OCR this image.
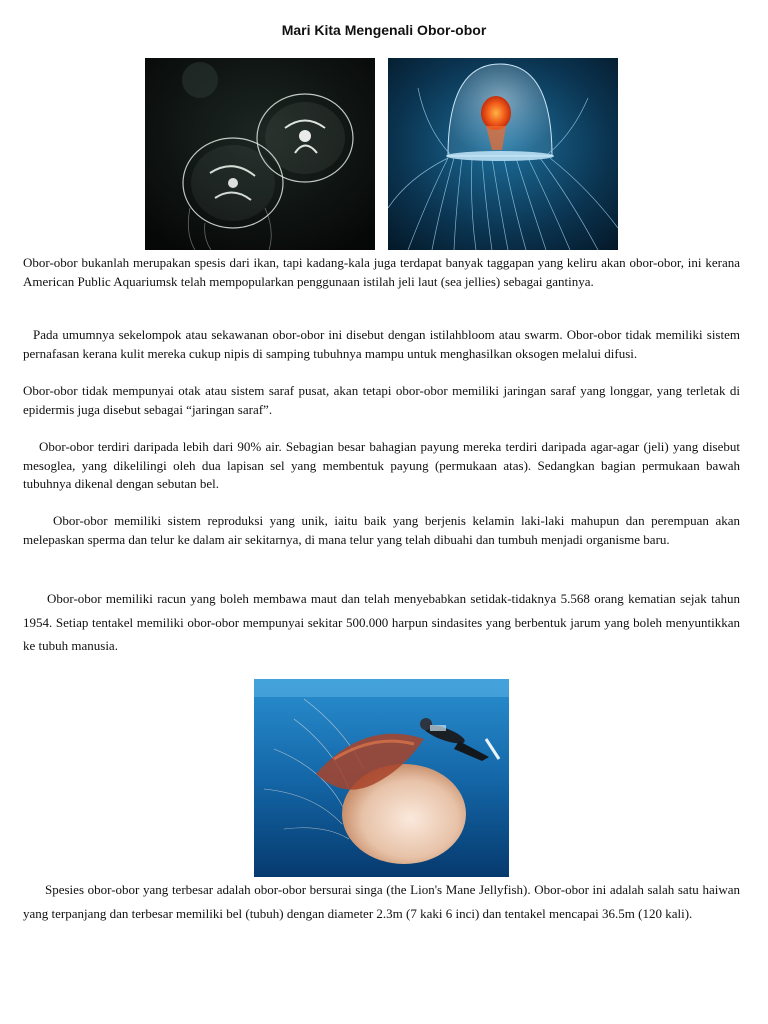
Mari Kita Mengenali Obor-obor

Obor-obor bukanlah merupakan spesis dari ikan, tapi kadang-kala juga terdapat banyak taggapan yang keliru akan obor-obor, ini kerana American Public Aquariumsk telah mempopularkan penggunaan istilah jeli laut (sea jellies) sebagai gantinya.

Pada umumnya sekelompok atau sekawanan obor-obor ini disebut dengan istilahbloom atau swarm. Obor-obor tidak memiliki sistem pernafasan kerana kulit mereka cukup nipis di samping tubuhnya mampu untuk menghasilkan oksogen melalui difusi.

Obor-obor tidak mempunyai otak atau sistem saraf pusat, akan tetapi obor-obor memiliki jaringan saraf yang longgar, yang terletak di epidermis juga disebut sebagai “jaringan saraf”.

Obor-obor terdiri daripada lebih dari 90% air. Sebagian besar bahagian payung mereka terdiri daripada agar-agar (jeli) yang disebut mesoglea, yang dikelilingi oleh dua lapisan sel yang membentuk payung (permukaan atas). Sedangkan bagian permukaan bawah tubuhnya dikenal dengan sebutan bel.

Obor-obor memiliki sistem reproduksi yang unik, iaitu baik yang berjenis kelamin laki-laki mahupun dan perempuan akan melepaskan sperma dan telur ke dalam air sekitarnya, di mana telur yang telah dibuahi dan tumbuh menjadi organisme baru.

Obor-obor memiliki racun yang boleh membawa maut dan telah menyebabkan setidak-tidaknya 5.568 orang kematian sejak tahun 1954. Setiap tentakel memiliki obor-obor mempunyai sekitar 500.000 harpun sindasites yang berbentuk jarum yang boleh menyuntikkan ke tubuh manusia.

Spesies obor-obor yang terbesar adalah obor-obor bersurai singa (the Lion's Mane Jellyfish). Obor-obor ini adalah salah satu haiwan yang terpanjang dan terbesar memiliki bel (tubuh) dengan diameter 2.3m (7 kaki 6 inci) dan tentakel mencapai 36.5m (120 kali).
